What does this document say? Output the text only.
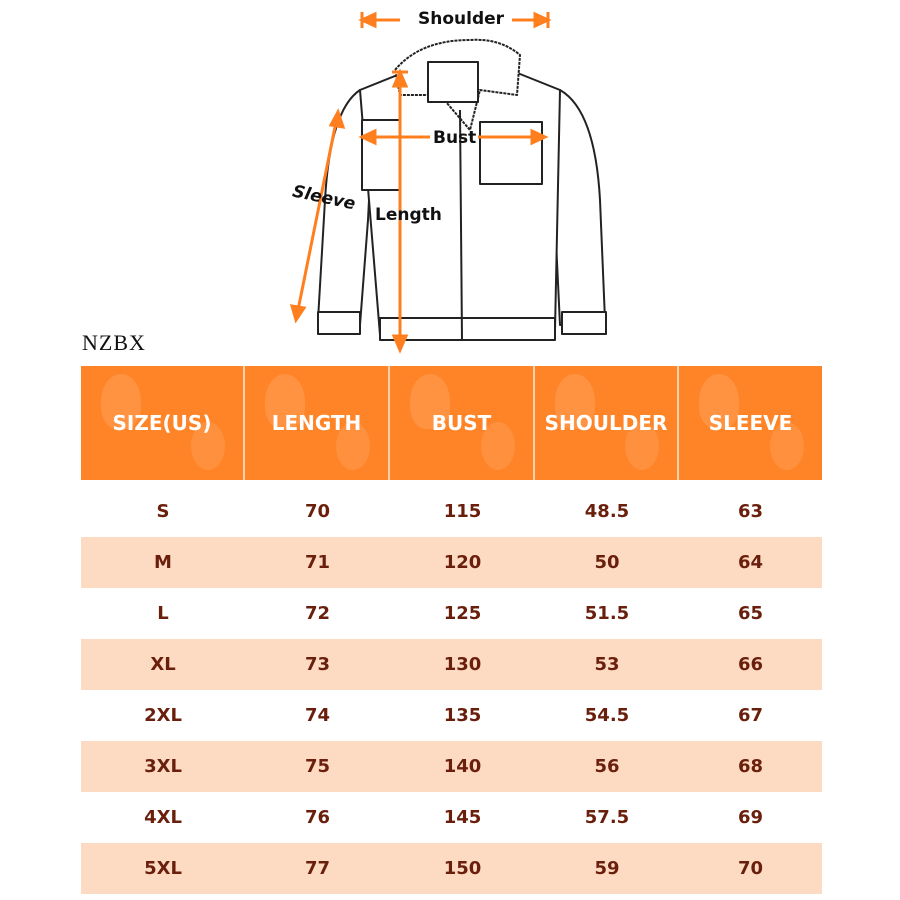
Shoulder
Bust
Sleeve
Length
NZBX
SIZE(US)	LENGTH	BUST	SHOULDER	SLEEVE
S	70	115	48.5	63
M	71	120	50	64
L	72	125	51.5	65
XL	73	130	53	66
2XL	74	135	54.5	67
3XL	75	140	56	68
4XL	76	145	57.5	69
5XL	77	150	59	70
